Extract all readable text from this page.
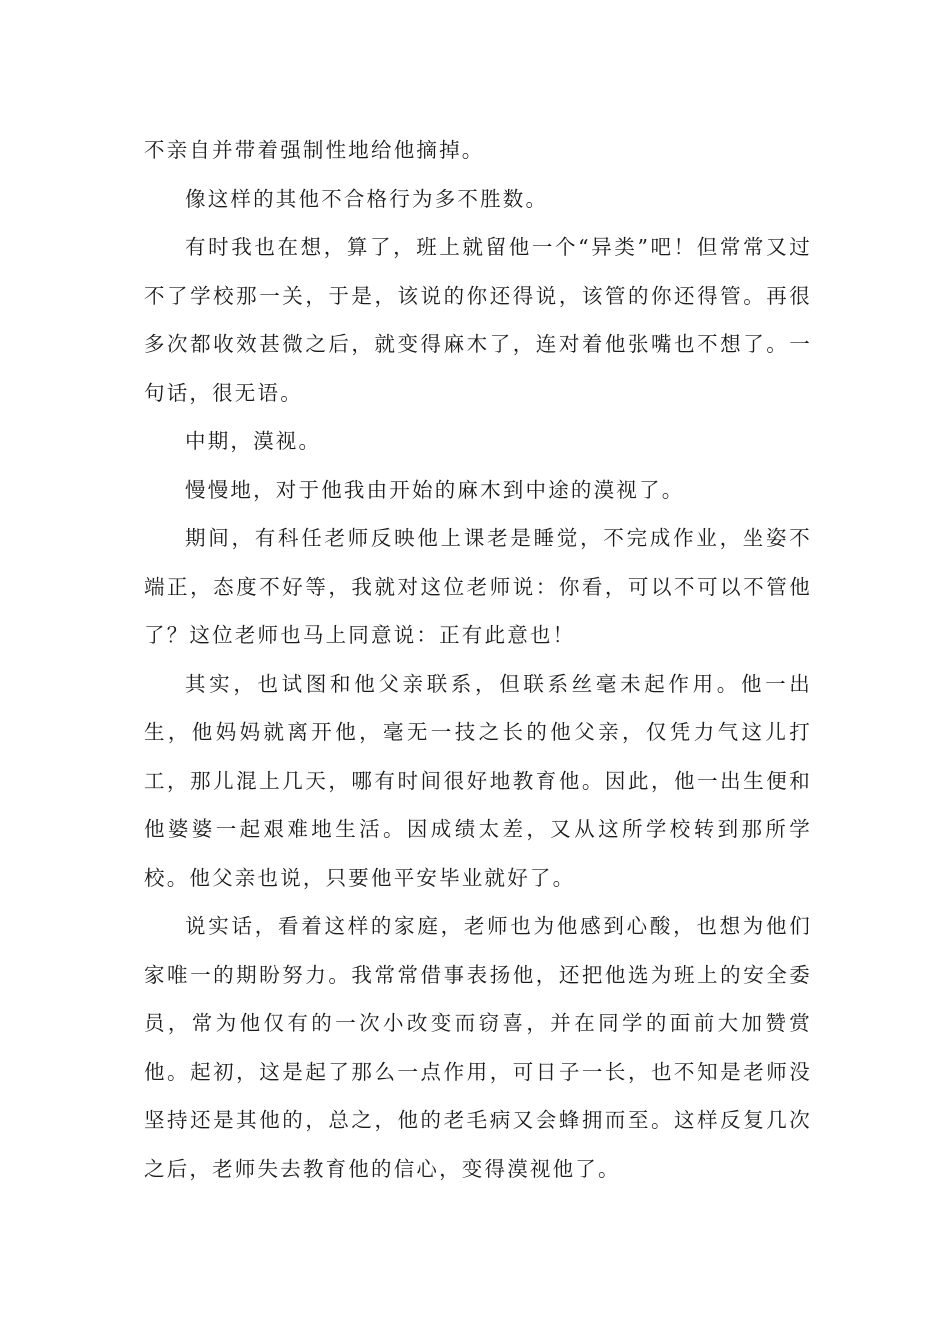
不亲自并带着强制性地给他摘掉。

像这样的其他不合格行为多不胜数。

有时我也在想，算了，班上就留他一个“异类”吧！但常常又过不了学校那一关，于是，该说的你还得说，该管的你还得管。再很多次都收效甚微之后，就变得麻木了，连对着他张嘴也不想了。一句话，很无语。

中期，漠视。

慢慢地，对于他我由开始的麻木到中途的漠视了。

期间，有科任老师反映他上课老是睡觉，不完成作业，坐姿不端正，态度不好等，我就对这位老师说：你看，可以不可以不管他了？这位老师也马上同意说：正有此意也！

其实，也试图和他父亲联系，但联系丝毫未起作用。他一出生，他妈妈就离开他，毫无一技之长的他父亲，仅凭力气这儿打工，那儿混上几天，哪有时间很好地教育他。因此，他一出生便和他婆婆一起艰难地生活。因成绩太差，又从这所学校转到那所学校。他父亲也说，只要他平安毕业就好了。

说实话，看着这样的家庭，老师也为他感到心酸，也想为他们家唯一的期盼努力。我常常借事表扬他，还把他选为班上的安全委员，常为他仅有的一次小改变而窃喜，并在同学的面前大加赞赏他。起初，这是起了那么一点作用，可日子一长，也不知是老师没坚持还是其他的，总之，他的老毛病又会蜂拥而至。这样反复几次之后，老师失去教育他的信心，变得漠视他了。
